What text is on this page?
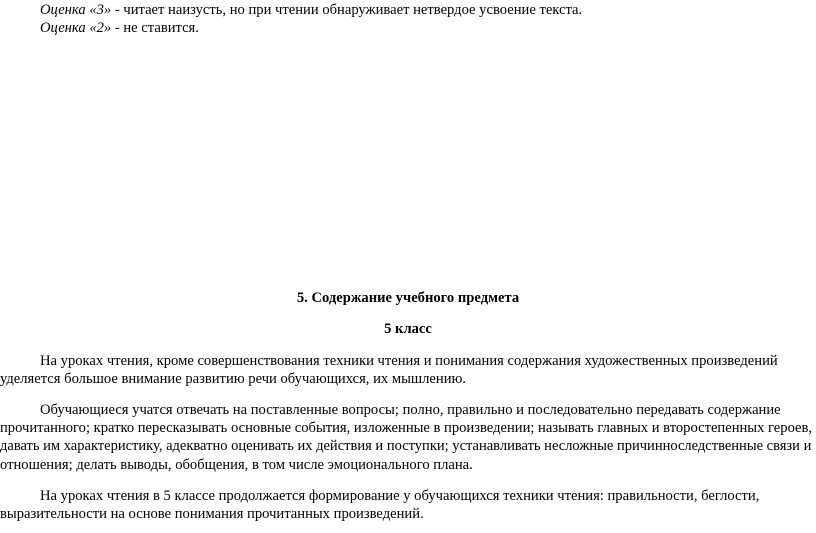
Оценка «3» - читает наизусть, но при чтении обнаруживает нетвердое усвоение текста.
Оценка «2» - не ставится.
5. Содержание учебного предмета
5 класс
На уроках чтения, кроме совершенствования техники чтения и понимания содержания художественных произведений
уделяется большое внимание развитию речи обучающихся, их мышлению.
Обучающиеся учатся отвечать на поставленные вопросы; полно, правильно и последовательно передавать содержание
прочитанного; кратко пересказывать основные события, изложенные в произведении; называть главных и второстепенных героев,
давать им характеристику, адекватно оценивать их действия и поступки; устанавливать несложные причинноследственные связи и
отношения; делать выводы, обобщения, в том числе эмоционального плана.
На уроках чтения в 5 классе продолжается формирование у обучающихся техники чтения: правильности, беглости,
выразительности на основе понимания прочитанных произведений.
